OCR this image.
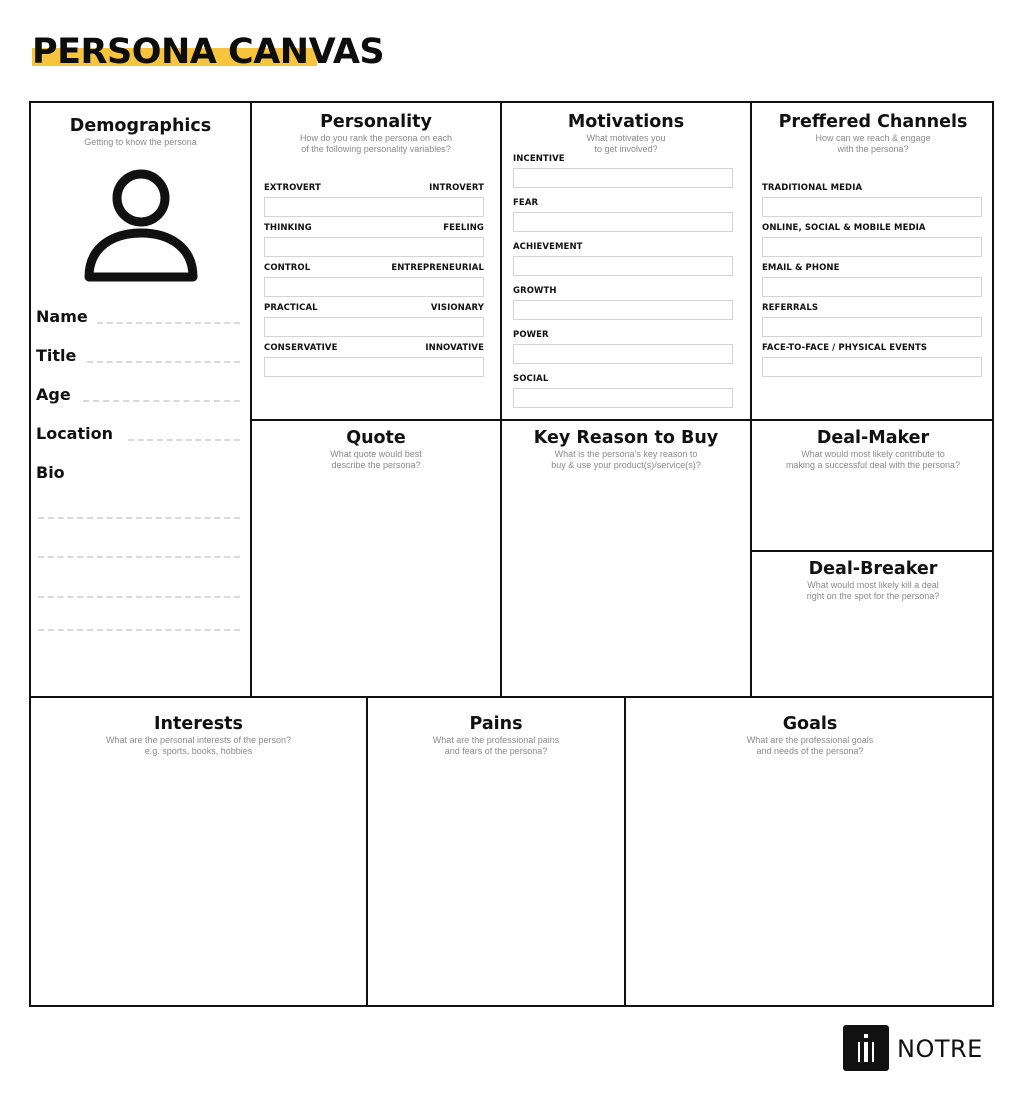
PERSONA CANVAS
Demographics
Getting to know the persona
Name
Title
Age
Location
Bio
Personality
How do you rank the persona on each
of the following personality variables?
EXTROVERT	INTROVERT
THINKING	FEELING
CONTROL	ENTREPRENEURIAL
PRACTICAL	VISIONARY
CONSERVATIVE	INNOVATIVE
Motivations
What motivates you
to get involved?
INCENTIVE
FEAR
ACHIEVEMENT
GROWTH
POWER
SOCIAL
Preffered Channels
How can we reach & engage
with the persona?
TRADITIONAL MEDIA
ONLINE, SOCIAL & MOBILE MEDIA
EMAIL & PHONE
REFERRALS
FACE-TO-FACE / PHYSICAL EVENTS
Quote
What quote would best
describe the persona?
Key Reason to Buy
What is the persona's key reason to
buy & use your product(s)/service(s)?
Deal-Maker
What would most likely contribute to
making a successful deal with the persona?
Deal-Breaker
What would most likely kill a deal
right on the spot for the persona?
Interests
What are the personal interests of the person?
e.g. sports, books, hobbies
Pains
What are the professional pains
and fears of the persona?
Goals
What are the professional goals
and needs of the persona?
NOTRE
